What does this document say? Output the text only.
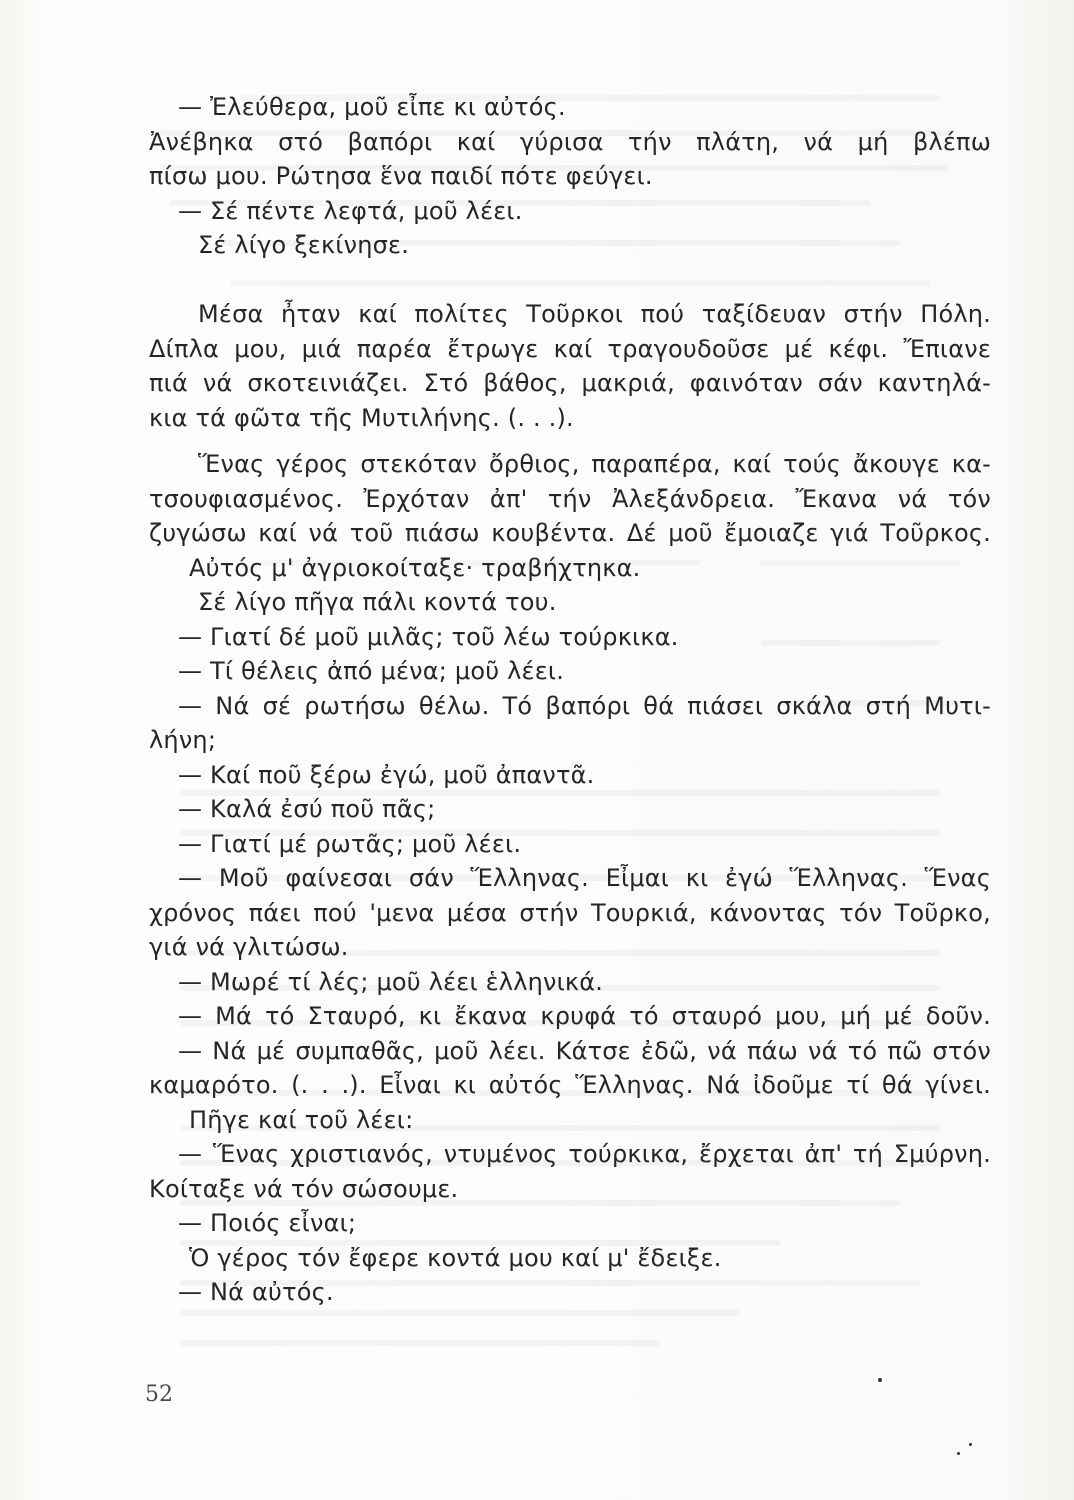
— Ἐλεύθερα, μοῦ εἶπε κι αὐτός.
Ἀνέβηκα στό βαπόρι καί γύρισα τήν πλάτη, νά μή βλέπω
πίσω μου. Ρώτησα ἕνα παιδί πότε φεύγει.
— Σέ πέντε λεφτά, μοῦ λέει.
Σέ λίγο ξεκίνησε.
Μέσα ἦταν καί πολίτες Τοῦρκοι πού ταξίδευαν στήν Πόλη.
Δίπλα μου, μιά παρέα ἔτρωγε καί τραγουδοῦσε μέ κέφι. Ἔπιανε
πιά νά σκοτεινιάζει. Στό βάθος, μακριά, φαινόταν σάν καντηλά-
κια τά φῶτα τῆς Μυτιλήνης. (. . .).
Ἕνας γέρος στεκόταν ὄρθιος, παραπέρα, καί τούς ἄκουγε κα-
τσουφιασμένος. Ἐρχόταν ἀπ' τήν Ἀλεξάνδρεια. Ἔκανα νά τόν
ζυγώσω καί νά τοῦ πιάσω κουβέντα. Δέ μοῦ ἔμοιαζε γιά Τοῦρκος.
Αὐτός μ' ἀγριοκοίταξε· τραβήχτηκα.
Σέ λίγο πῆγα πάλι κοντά του.
— Γιατί δέ μοῦ μιλᾶς; τοῦ λέω τούρκικα.
— Τί θέλεις ἀπό μένα; μοῦ λέει.
— Νά σέ ρωτήσω θέλω. Τό βαπόρι θά πιάσει σκάλα στή Μυτι-
λήνη;
— Καί ποῦ ξέρω ἐγώ, μοῦ ἀπαντᾶ.
— Καλά ἐσύ ποῦ πᾶς;
— Γιατί μέ ρωτᾶς; μοῦ λέει.
— Μοῦ φαίνεσαι σάν Ἕλληνας. Εἶμαι κι ἐγώ Ἕλληνας. Ἕνας
χρόνος πάει πού 'μενα μέσα στήν Τουρκιά, κάνοντας τόν Τοῦρκο,
γιά νά γλιτώσω.
— Μωρέ τί λές; μοῦ λέει ἑλληνικά.
— Μά τό Σταυρό, κι ἔκανα κρυφά τό σταυρό μου, μή μέ δοῦν.
— Νά μέ συμπαθᾶς, μοῦ λέει. Κάτσε ἐδῶ, νά πάω νά τό πῶ στόν
καμαρότο. (. . .). Εἶναι κι αὐτός Ἕλληνας. Νά ἰδοῦμε τί θά γίνει.
Πῆγε καί τοῦ λέει:
— Ἕνας χριστιανός, ντυμένος τούρκικα, ἔρχεται ἀπ' τή Σμύρνη.
Κοίταξε νά τόν σώσουμε.
— Ποιός εἶναι;
Ὁ γέρος τόν ἔφερε κοντά μου καί μ' ἔδειξε.
— Νά αὐτός.
52
